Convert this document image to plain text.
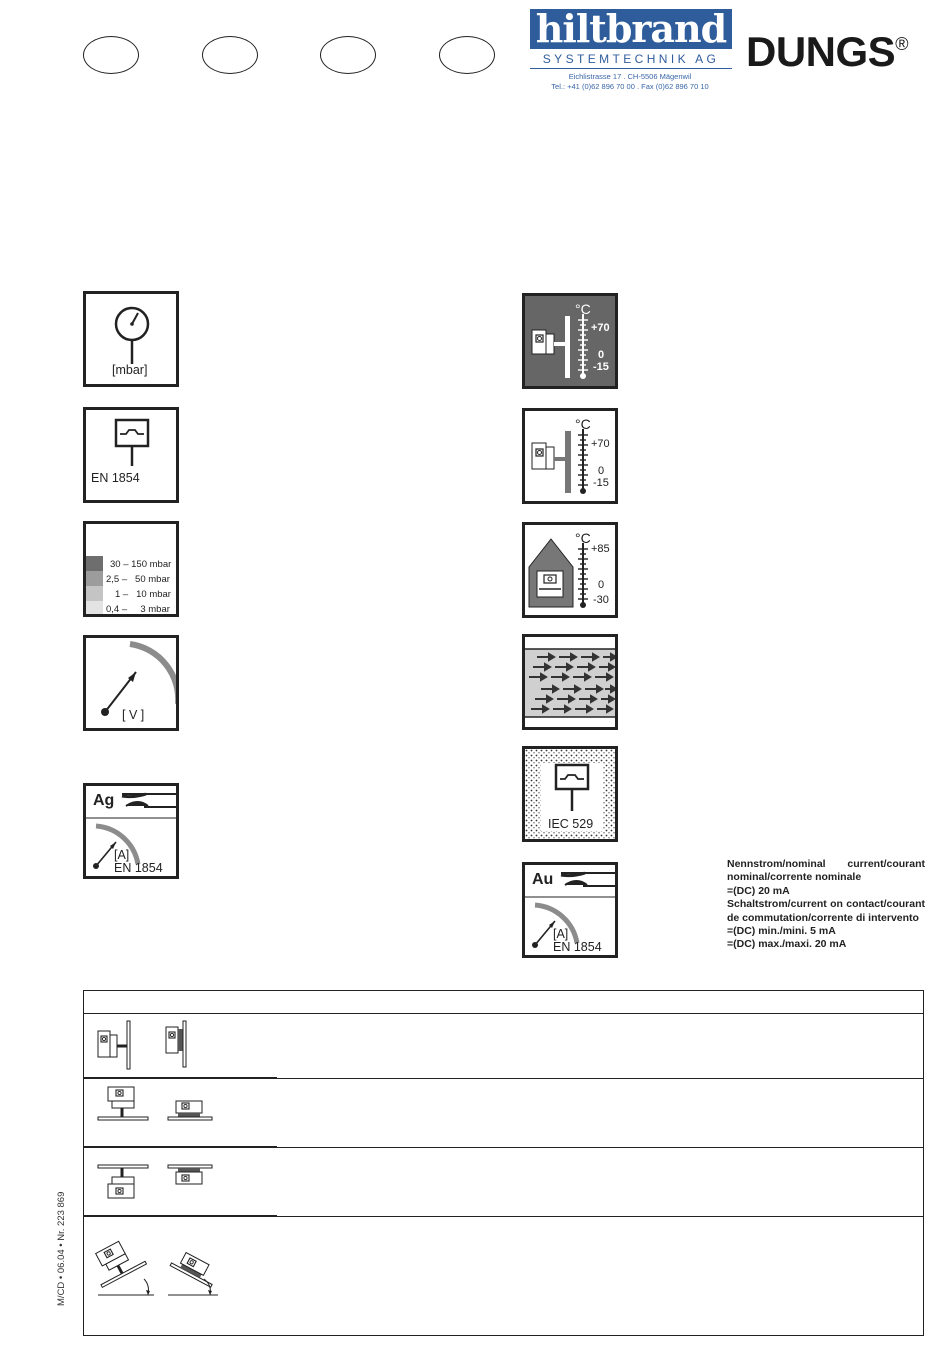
hiltbrand
SYSTEMTECHNIK AG
Eichlistrasse 17 . CH-5506 Mägenwil
Tel.: +41 (0)62 896 70 00 . Fax (0)62 896 70 10
DUNGS®
[mbar]
EN 1854
30 – 150 mbar
2,5 –   50 mbar
1 –   10 mbar
0,4 –     3 mbar
[ V ]
Ag
[A]
EN 1854
°C
+70
0
-15
°C
+70
0
-15
°C
+85
0
-30
IEC 529
Au
[A]
EN 1854
Nennstrom/nominal current/courant nominal/corrente nominale
=(DC) 20 mA
Schaltstrom/current on contact/courant de commutation/corrente di intervento
=(DC) min./mini. 5 mA
=(DC) max./maxi. 20 mA
M/CD • 06.04 • Nr. 223 869
